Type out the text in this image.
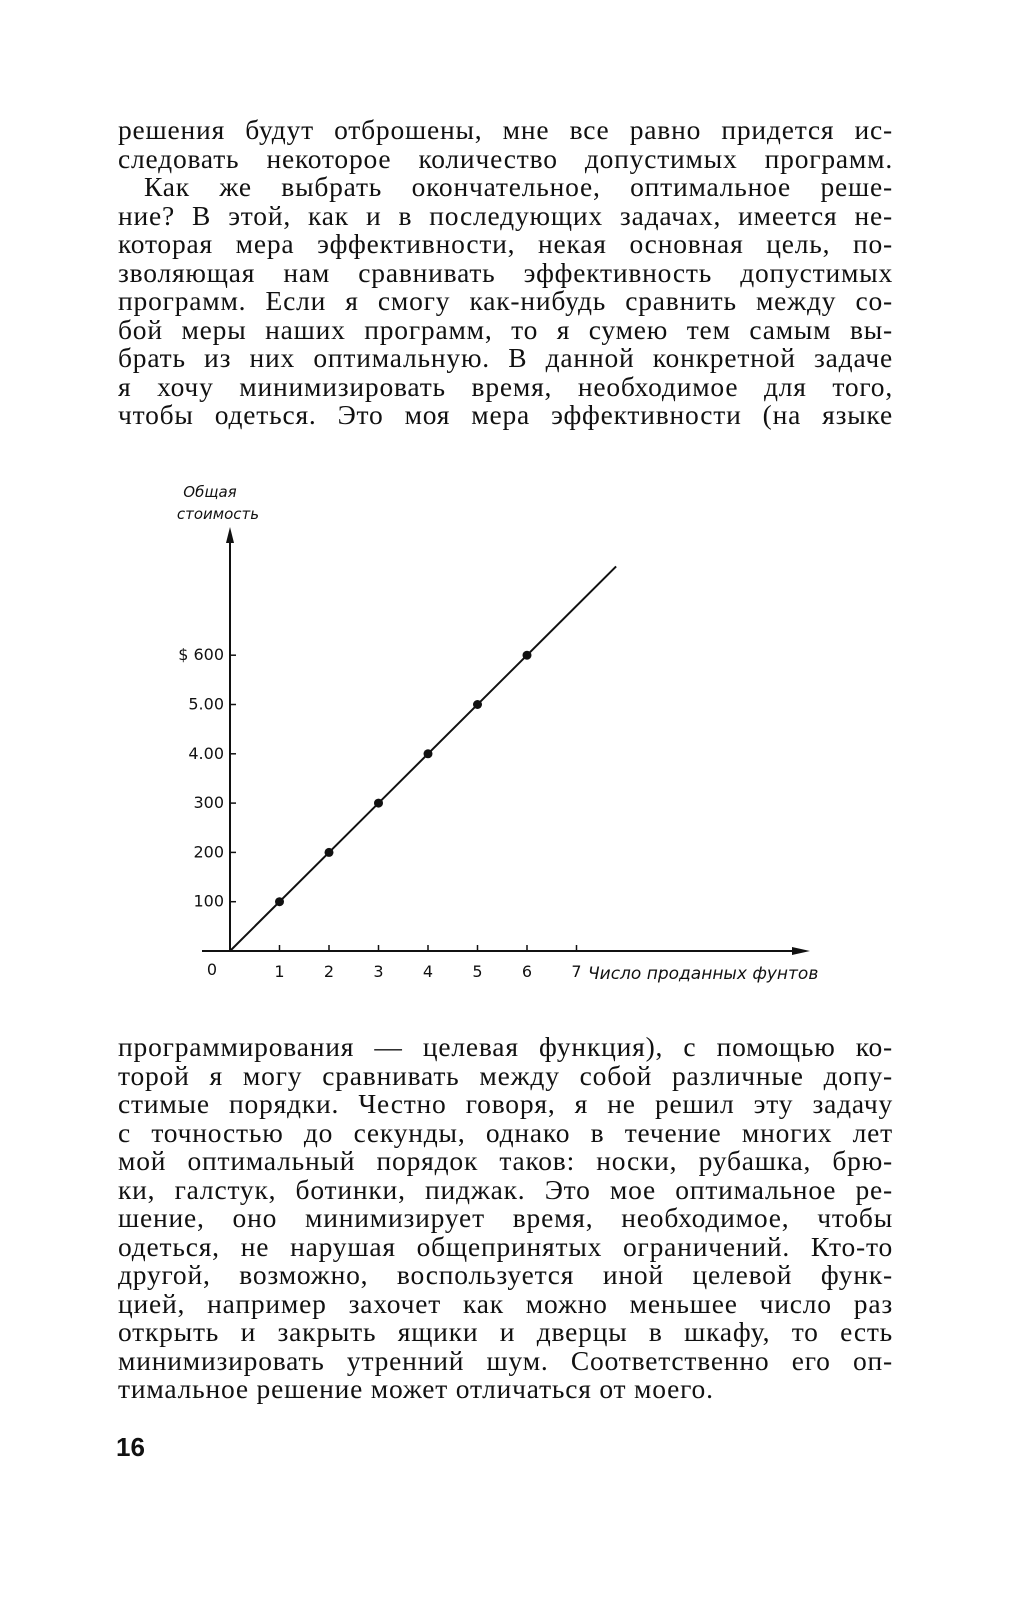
решения будут отброшены, мне все равно придется ис-
следовать некоторое количество допустимых программ.
Как же выбрать окончательное, оптимальное реше-
ние? В этой, как и в последующих задачах, имеется не-
которая мера эффективности, некая основная цель, по-
зволяющая нам сравнивать эффективность допустимых
программ. Если я смогу как-нибудь сравнить между со-
бой меры наших программ, то я сумею тем самым вы-
брать из них оптимальную. В данной конкретной задаче
я хочу минимизировать время, необходимое для того,
чтобы одеться. Это моя мера эффективности (на языке
Общая
стоимость
0	Число проданных фунтов
1 2 3 4 5 6 7
100
200
300
4.00
5.00
$ 600
программирования — целевая функция), с помощью ко-
торой я могу сравнивать между собой различные допу-
стимые порядки. Честно говоря, я не решил эту задачу
с точностью до секунды, однако в течение многих лет
мой оптимальный порядок таков: носки, рубашка, брю-
ки, галстук, ботинки, пиджак. Это мое оптимальное ре-
шение, оно минимизирует время, необходимое, чтобы
одеться, не нарушая общепринятых ограничений. Кто-то
другой, возможно, воспользуется иной целевой функ-
цией, например захочет как можно меньшее число раз
открыть и закрыть ящики и дверцы в шкафу, то есть
минимизировать утренний шум. Соответственно его оп-
тимальное решение может отличаться от моего.
16
